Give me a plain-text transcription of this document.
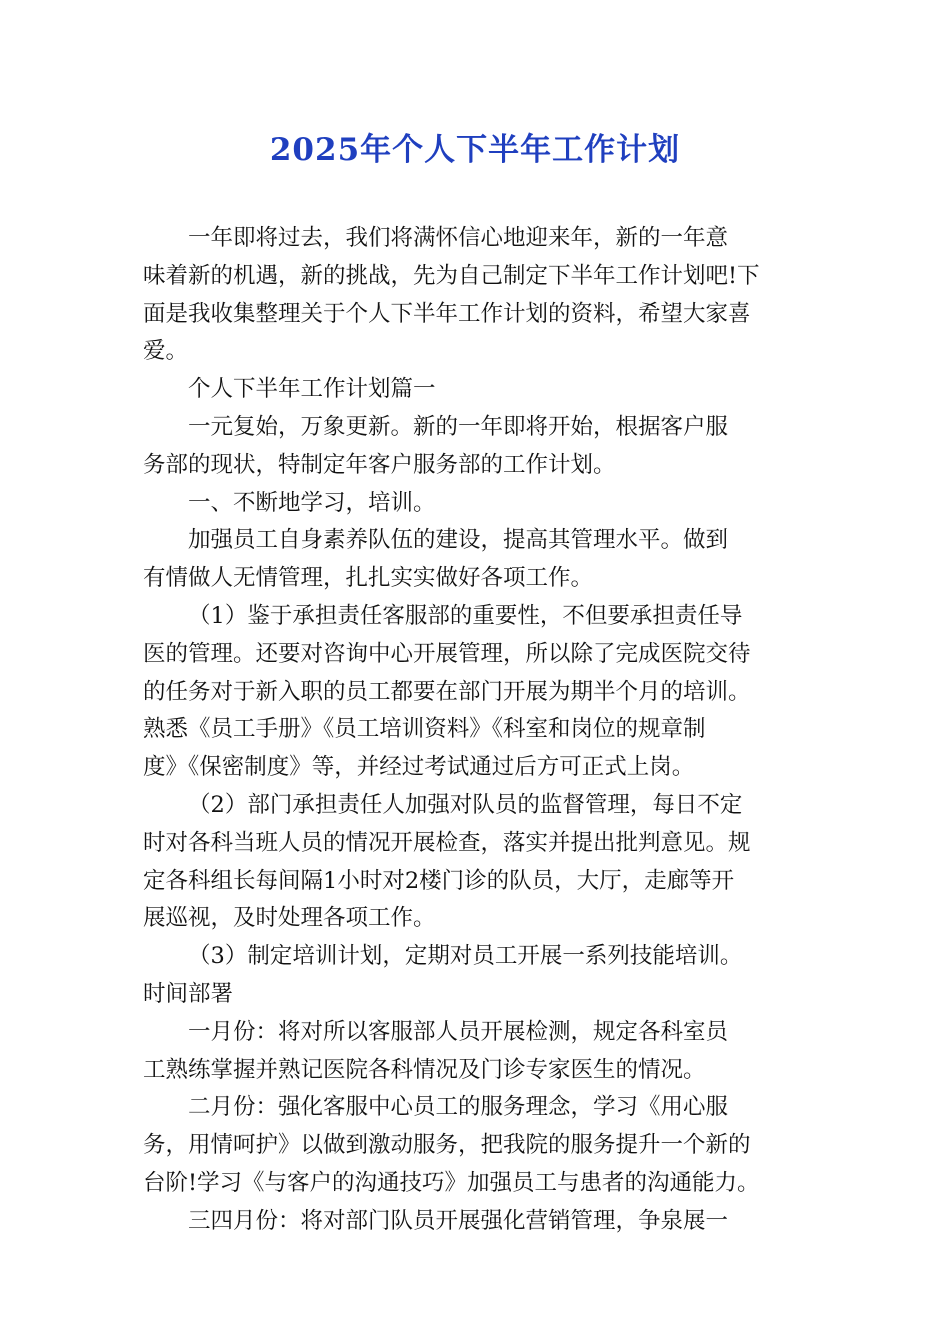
2025年个人下半年工作计划

一年即将过去，我们将满怀信心地迎来年，新的一年意
味着新的机遇，新的挑战，先为自己制定下半年工作计划吧!下
面是我收集整理关于个人下半年工作计划的资料，希望大家喜
爱。

个人下半年工作计划篇一

一元复始，万象更新。新的一年即将开始，根据客户服
务部的现状，特制定年客户服务部的工作计划。

一、不断地学习，培训。

加强员工自身素养队伍的建设，提高其管理水平。做到
有情做人无情管理，扎扎实实做好各项工作。

（1）鉴于承担责任客服部的重要性，不但要承担责任导
医的管理。还要对咨询中心开展管理，所以除了完成医院交待
的任务对于新入职的员工都要在部门开展为期半个月的培训。
熟悉《员工手册》《员工培训资料》《科室和岗位的规章制
度》《保密制度》等，并经过考试通过后方可正式上岗。

（2）部门承担责任人加强对队员的监督管理，每日不定
时对各科当班人员的情况开展检查，落实并提出批判意见。规
定各科组长每间隔1小时对2楼门诊的队员，大厅，走廊等开
展巡视，及时处理各项工作。

（3）制定培训计划，定期对员工开展一系列技能培训。
时间部署

一月份：将对所以客服部人员开展检测，规定各科室员
工熟练掌握并熟记医院各科情况及门诊专家医生的情况。

二月份：强化客服中心员工的服务理念，学习《用心服
务，用情呵护》以做到激动服务，把我院的服务提升一个新的
台阶!学习《与客户的沟通技巧》加强员工与患者的沟通能力。

三四月份：将对部门队员开展强化营销管理，争泉展一
